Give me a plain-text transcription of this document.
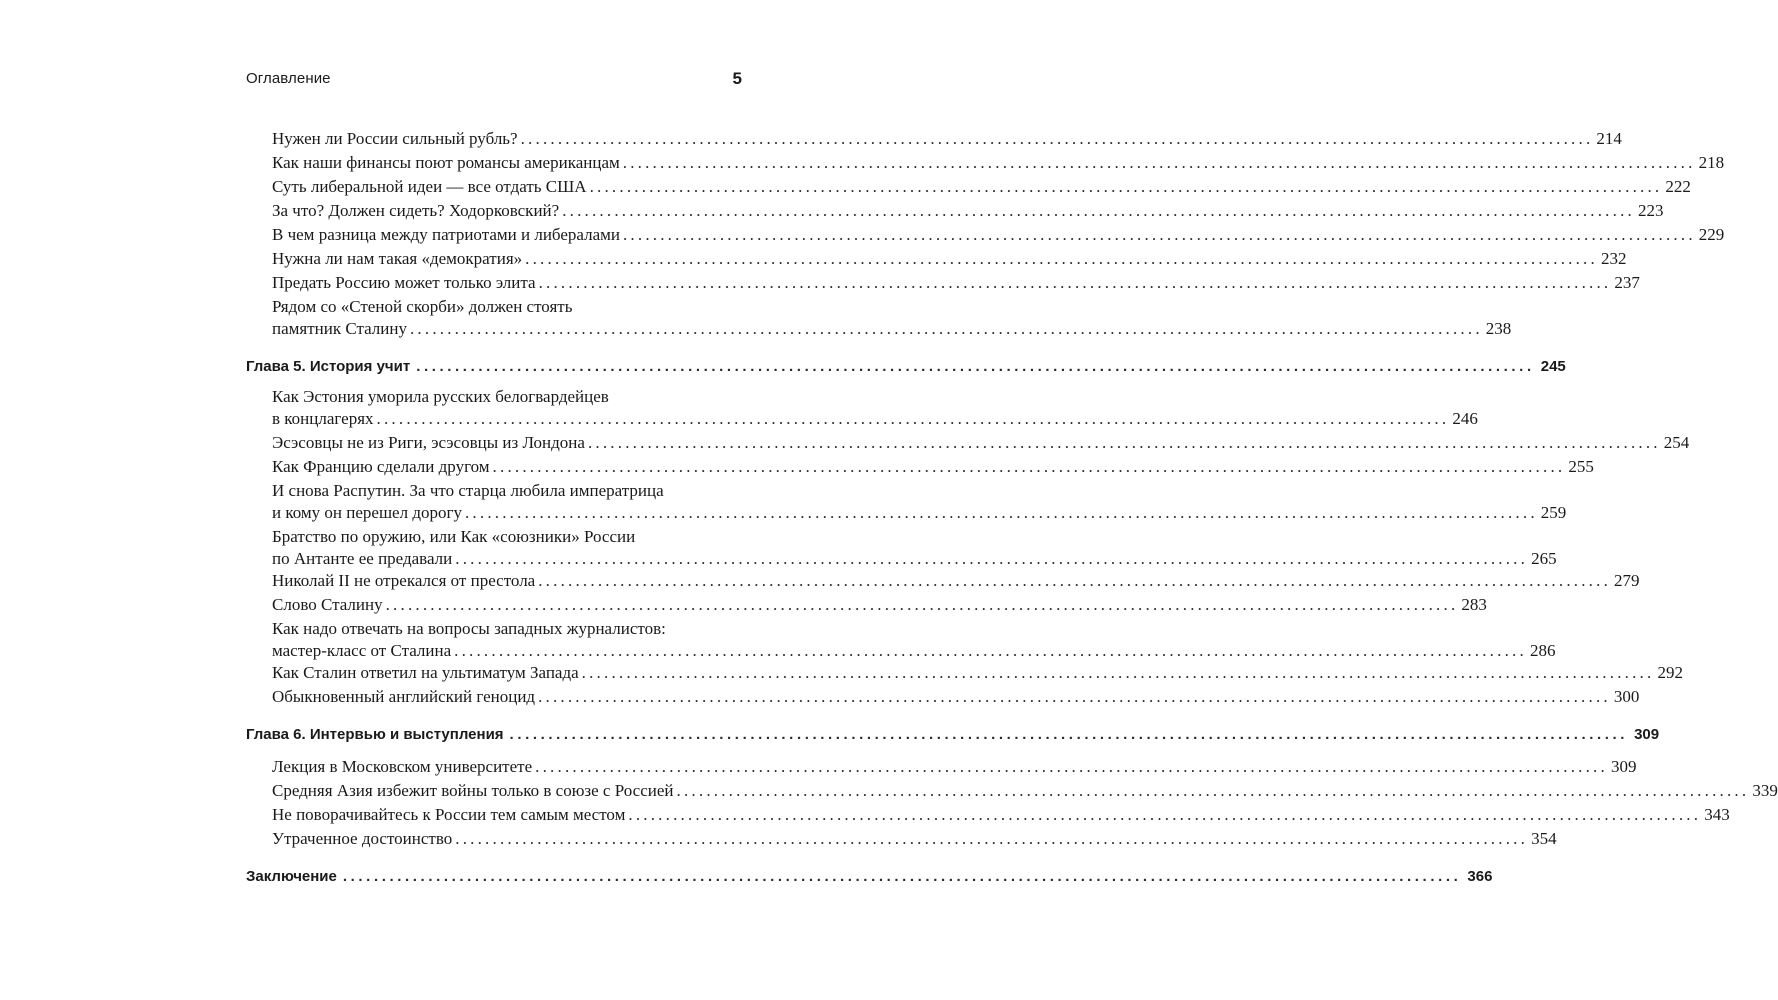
Оглавление	5
Нужен ли России сильный рубль? ................................................................................................................................................ 214
Как наши финансы поют романсы американцам ................................................................................................................................................ 218
Суть либеральной идеи — все отдать США ................................................................................................................................................ 222
За что? Должен сидеть? Ходорковский? ................................................................................................................................................ 223
В чем разница между патриотами и либералами ................................................................................................................................................ 229
Нужна ли нам такая «демократия» ................................................................................................................................................ 232
Предать Россию может только элита ................................................................................................................................................ 237
Рядом со «Стеной скорби» должен стоять
памятник Сталину ................................................................................................................................................ 238
Глава 5. История учит ................................................................................................................................................ 245
Как Эстония уморила русских белогвардейцев
в концлагерях ................................................................................................................................................ 246
Эсэсовцы не из Риги, эсэсовцы из Лондона ................................................................................................................................................ 254
Как Францию сделали другом ................................................................................................................................................ 255
И снова Распутин. За что старца любила императрица
и кому он перешел дорогу ................................................................................................................................................ 259
Братство по оружию, или Как «союзники» России
по Антанте ее предавали ................................................................................................................................................ 265
Николай II не отрекался от престола ................................................................................................................................................ 279
Слово Сталину ................................................................................................................................................ 283
Как надо отвечать на вопросы западных журналистов:
мастер-класс от Сталина ................................................................................................................................................ 286
Как Сталин ответил на ультиматум Запада ................................................................................................................................................ 292
Обыкновенный английский геноцид ................................................................................................................................................ 300
Глава 6. Интервью и выступления ................................................................................................................................................ 309
Лекция в Московском университете ................................................................................................................................................ 309
Средняя Азия избежит войны только в союзе с Россией ................................................................................................................................................ 339
Не поворачивайтесь к России тем самым местом ................................................................................................................................................ 343
Утраченное достоинство ................................................................................................................................................ 354
Заключение ................................................................................................................................................ 366
